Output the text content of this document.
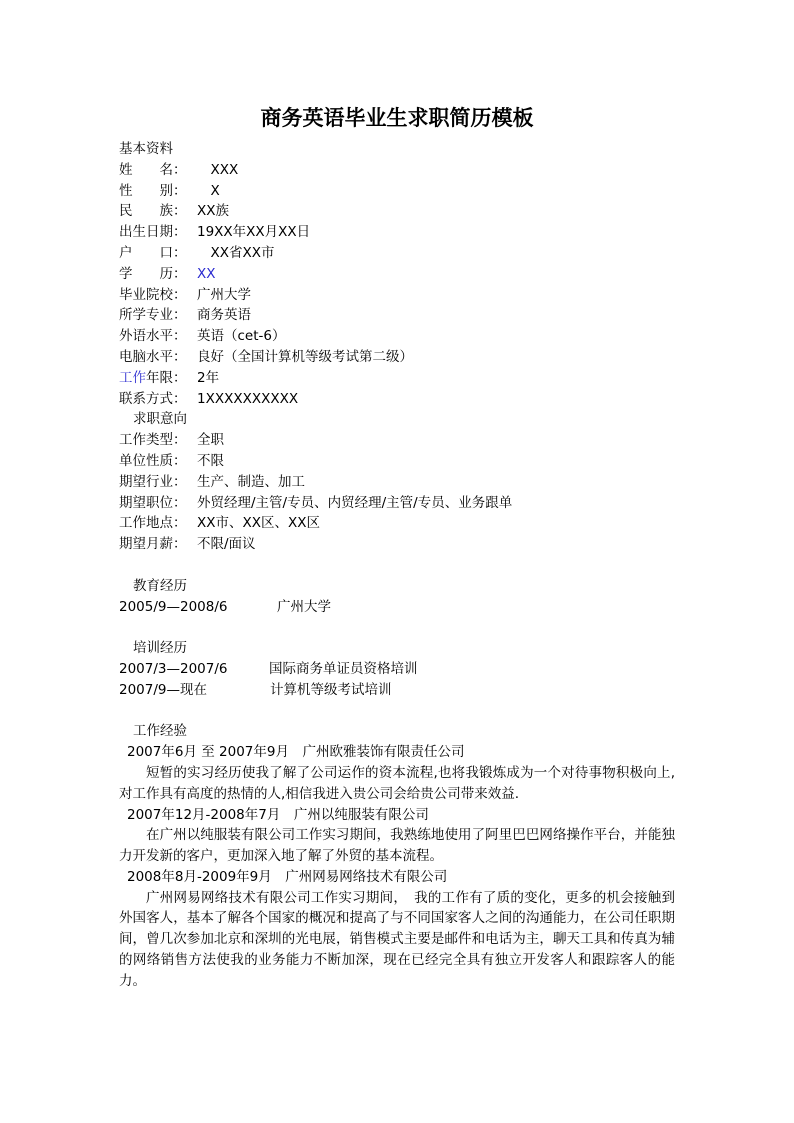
商务英语毕业生求职简历模板
基本资料
姓　　名： 　XXX
性　　别： 　X
民　　族： XX族
出生日期： 19XX年XX月XX日
户　　口： 　XX省XX市
学　　历： XX
毕业院校： 广州大学
所学专业： 商务英语
外语水平： 英语（cet-6）
电脑水平： 良好（全国计算机等级考试第二级）
工作年限： 2年
联系方式： 1XXXXXXXXXX
求职意向
工作类型： 全职
单位性质： 不限
期望行业： 生产、制造、加工
期望职位： 外贸经理/主管/专员、内贸经理/主管/专员、业务跟单
工作地点： XX市、XX区、XX区
期望月薪： 不限/面议
教育经历
2005/9—2008/6	广州大学
培训经历
2007/3—2007/6	国际商务单证员资格培训
2007/9—现在	计算机等级考试培训
工作经验
2007年6月 至 2007年9月　广州欧雅装饰有限责任公司
短暂的实习经历使我了解了公司运作的资本流程,也将我锻炼成为一个对待事物积极向上,对工作具有高度的热情的人,相信我进入贵公司会给贵公司带来效益.
2007年12月-2008年7月　广州以纯服装有限公司
在广州以纯服装有限公司工作实习期间，我熟练地使用了阿里巴巴网络操作平台，并能独力开发新的客户，更加深入地了解了外贸的基本流程。
2008年8月-2009年9月　广州网易网络技术有限公司
广州网易网络技术有限公司工作实习期间，　我的工作有了质的变化，更多的机会接触到外国客人，基本了解各个国家的概况和提高了与不同国家客人之间的沟通能力，在公司任职期间，曾几次参加北京和深圳的光电展，销售模式主要是邮件和电话为主，聊天工具和传真为辅的网络销售方法使我的业务能力不断加深，现在已经完全具有独立开发客人和跟踪客人的能力。
